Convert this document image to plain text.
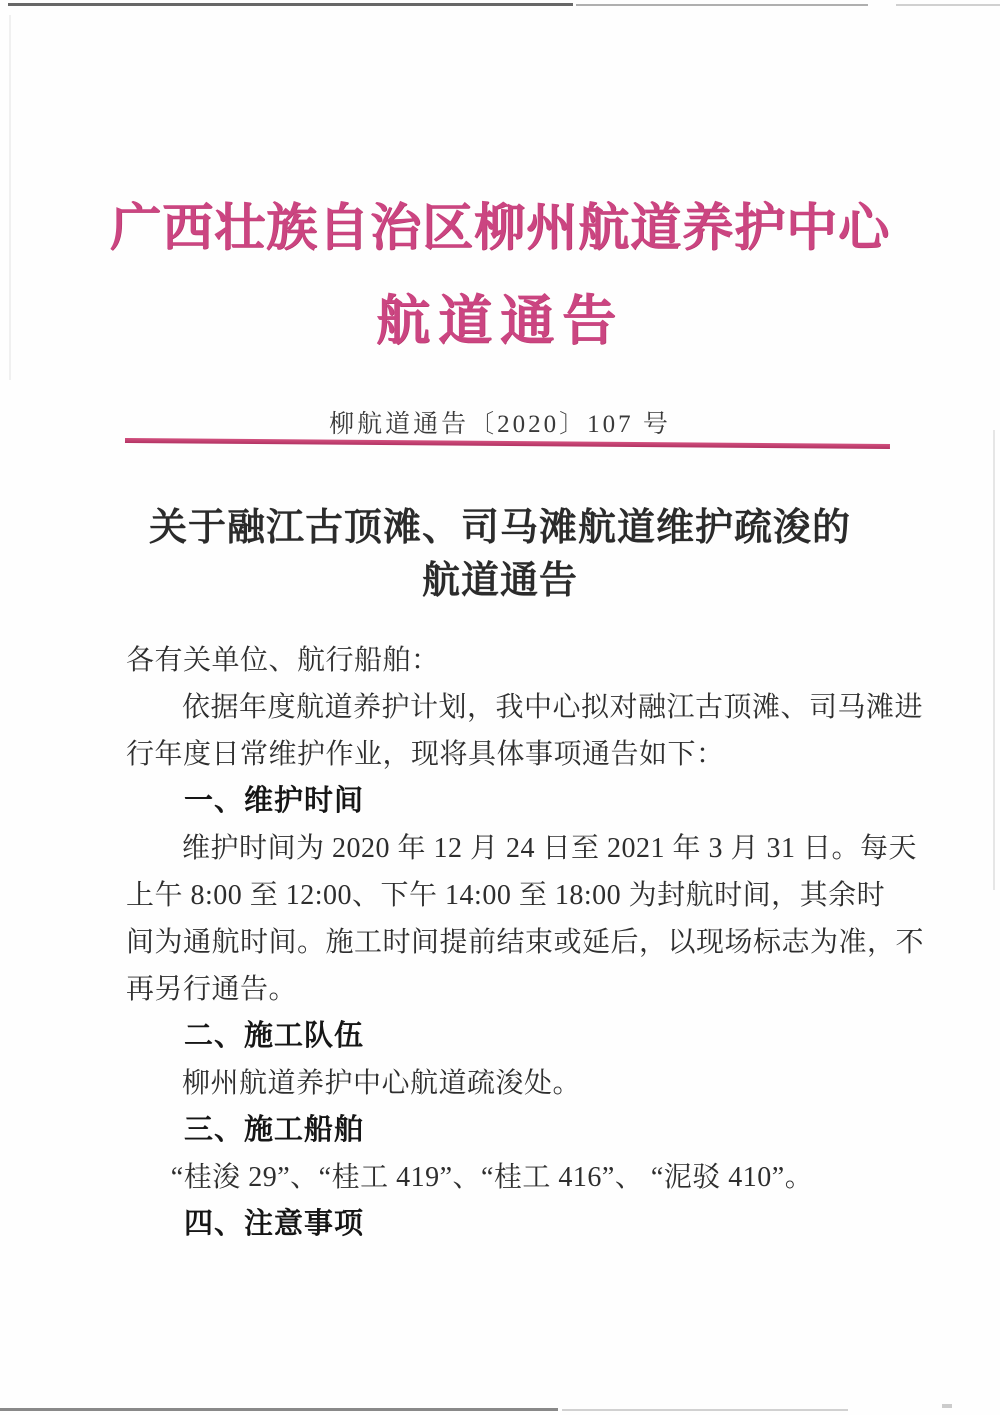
广西壮族自治区柳州航道养护中心
航道通告
柳航道通告〔2020〕107 号
关于融江古顶滩、司马滩航道维护疏浚的
航道通告
各有关单位、航行船舶：
依据年度航道养护计划，我中心拟对融江古顶滩、司马滩进
行年度日常维护作业，现将具体事项通告如下：
一、维护时间
维护时间为 2020 年 12 月 24 日至 2021 年 3 月 31 日。每天
上午 8:00 至 12:00、下午 14:00 至 18:00 为封航时间，其余时
间为通航时间。施工时间提前结束或延后，以现场标志为准，不
再另行通告。
二、施工队伍
柳州航道养护中心航道疏浚处。
三、施工船舶
“桂浚 29”、“桂工 419”、“桂工 416”、 “泥驳 410”。
四、注意事项
